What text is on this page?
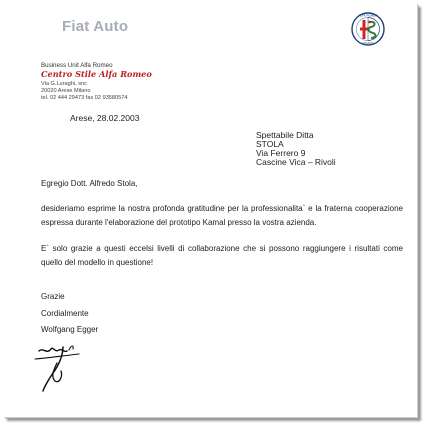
Fiat Auto
ALFA ROMEO
MILANO
Business Unit Alfa Romeo
Centro Stile Alfa Romeo
Via G.Luraghi, snc
20020 Arese Milano
tel. 02 444 29473 fax 02 93580574
Arese, 28.02.2003
Spettabile Ditta
STOLA
Via Ferrero 9
Cascine Vica – Rivoli
Egregio Dott. Alfredo Stola,
desideriamo esprime la nostra profonda gratitudine per la professionalita` e la fraterna cooperazione espressa durante l'elaborazione del prototipo Kamal presso la vostra azienda.
E` solo grazie a questi eccelsi livelli di collaborazione che si possono raggiungere i risultati come quello del modello in questione!
Grazie
Cordialmente
Wolfgang Egger
